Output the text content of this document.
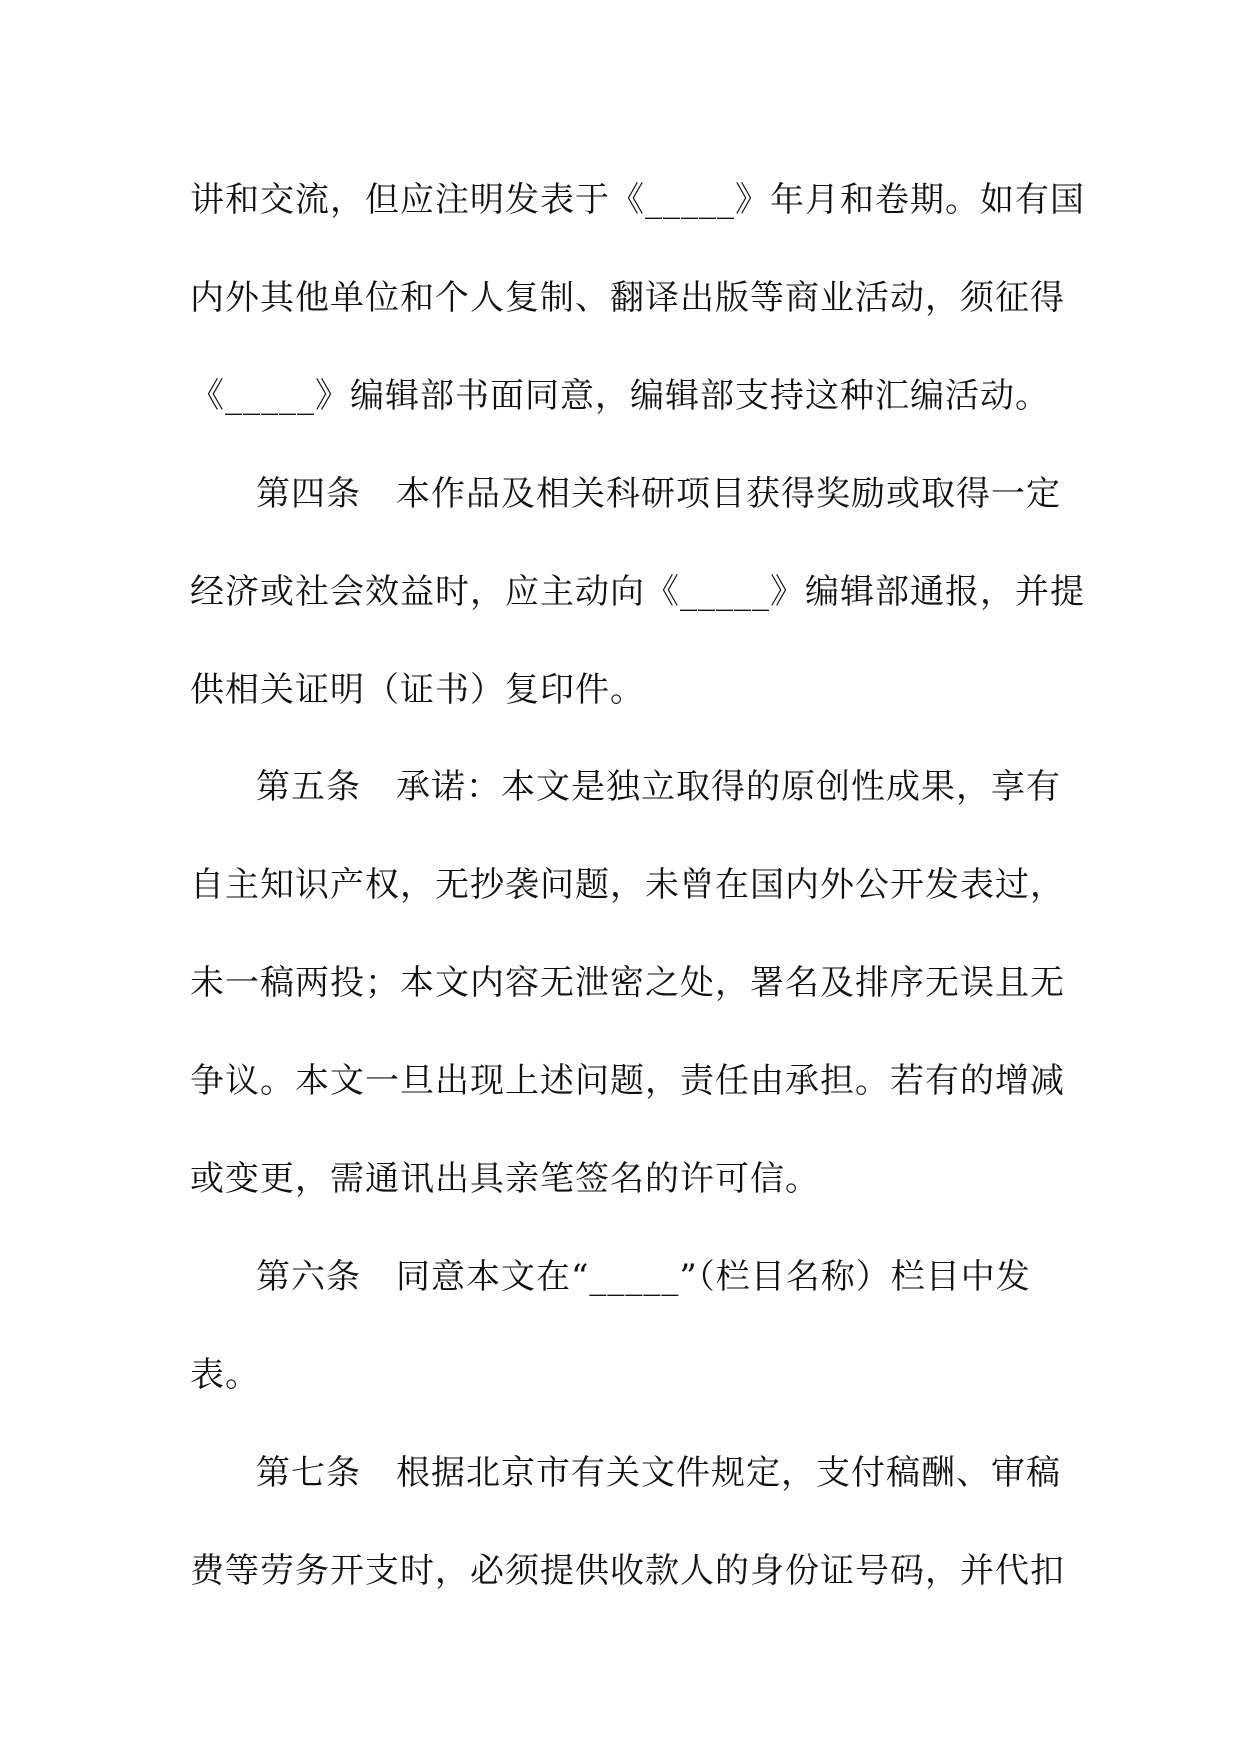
讲和交流，但应注明发表于《_____》年月和卷期。如有国
内外其他单位和个人复制、翻译出版等商业活动，须征得
《_____》编辑部书面同意，编辑部支持这种汇编活动。
第四条　本作品及相关科研项目获得奖励或取得一定
经济或社会效益时，应主动向《_____》编辑部通报，并提
供相关证明（证书）复印件。
第五条　承诺：本文是独立取得的原创性成果，享有
自主知识产权，无抄袭问题，未曾在国内外公开发表过，
未一稿两投；本文内容无泄密之处，署名及排序无误且无
争议。本文一旦出现上述问题，责任由承担。若有的增减
或变更，需通讯出具亲笔签名的许可信。
第六条　同意本文在“_____”（栏目名称）栏目中发
表。
第七条　根据北京市有关文件规定，支付稿酬、审稿
费等劳务开支时，必须提供收款人的身份证号码，并代扣
